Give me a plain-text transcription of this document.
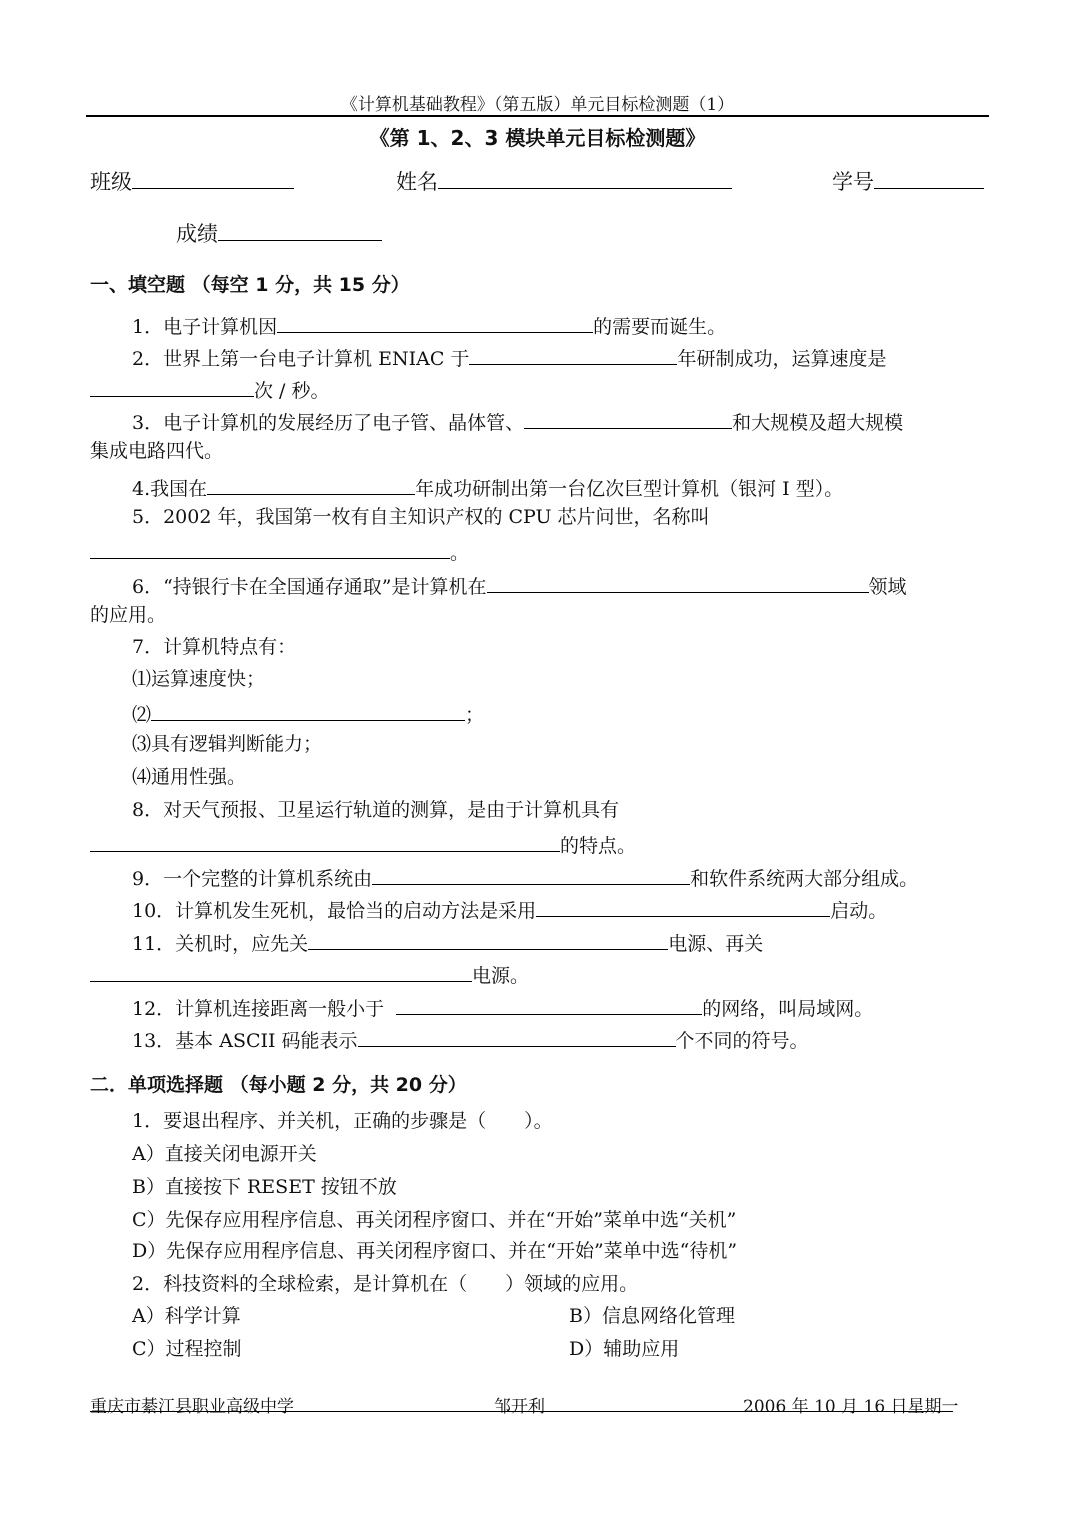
《计算机基础教程》（第五版）单元目标检测题（1）
《第 1、2、3 模块单元目标检测题》
班级	姓名	学号
成绩
一、填空题 （每空 1 分，共 15 分）
1．电子计算机因	的需要而诞生。
2．世界上第一台电子计算机 ENIAC 于	年研制成功，运算速度是
次 / 秒。
3．电子计算机的发展经历了电子管、晶体管、	和大规模及超大规模
集成电路四代。
4.我国在	年成功研制出第一台亿次巨型计算机（银河 I 型）。
5．2002 年，我国第一枚有自主知识产权的 CPU 芯片问世，名称叫
。
6．“持银行卡在全国通存通取”是计算机在	领域
的应用。
7．计算机特点有：
⑴运算速度快；
⑵	；
⑶具有逻辑判断能力；
⑷通用性强。
8．对天气预报、卫星运行轨道的测算，是由于计算机具有
的特点。
9．一个完整的计算机系统由	和软件系统两大部分组成。
10．计算机发生死机，最恰当的启动方法是采用	启动。
11．关机时，应先关	电源、再关
电源。
12．计算机连接距离一般小于	的网络，叫局域网。
13．基本 ASCII 码能表示	个不同的符号。
二．单项选择题 （每小题 2 分，共 20 分）
1．要退出程序、并关机，正确的步骤是（　　）。
A）直接关闭电源开关
B）直接按下 RESET 按钮不放
C）先保存应用程序信息、再关闭程序窗口、并在“开始”菜单中选“关机”
D）先保存应用程序信息、再关闭程序窗口、并在“开始”菜单中选“待机”
2．科技资料的全球检索，是计算机在（　　）领域的应用。
A）科学计算	B）信息网络化管理
C）过程控制	D）辅助应用
重庆市綦江县职业高级中学	邹开利	2006 年 10 月 16 日星期一
